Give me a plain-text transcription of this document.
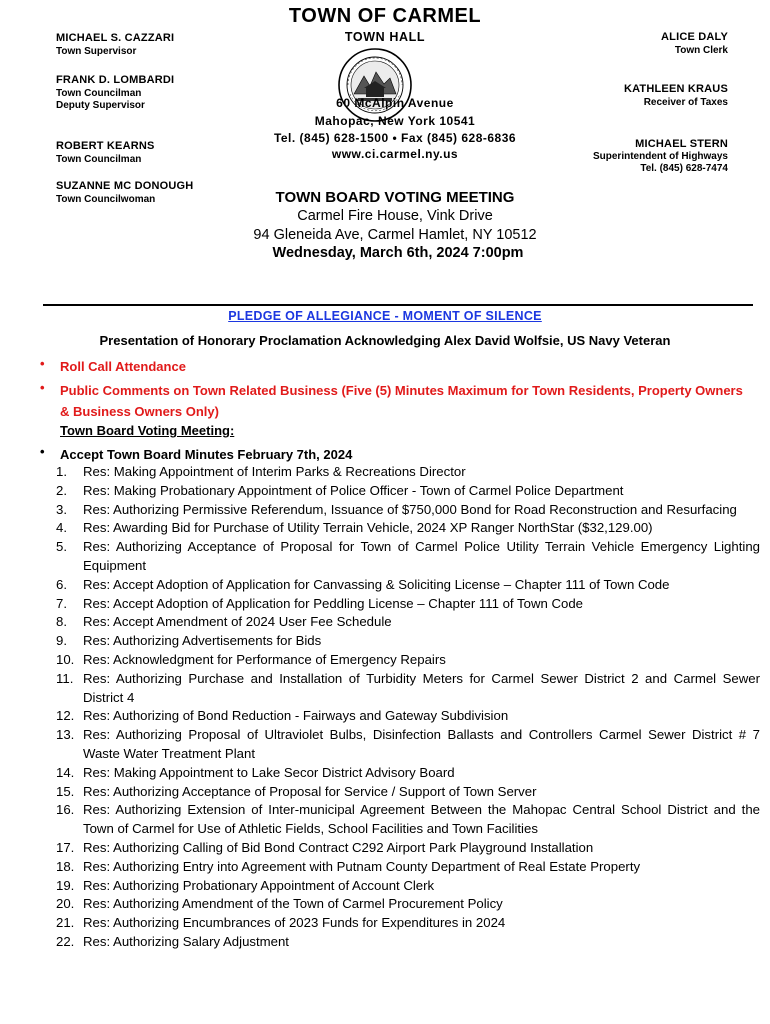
TOWN OF CARMEL
TOWN HALL
60 McAlpin Avenue
Mahopac, New York 10541
Tel. (845) 628-1500 • Fax (845) 628-6836
www.ci.carmel.ny.us
MICHAEL S. CAZZARI
Town Supervisor
FRANK D. LOMBARDI
Town Councilman
Deputy Supervisor
ROBERT KEARNS
Town Councilman
SUZANNE MC DONOUGH
Town Councilwoman
ALICE DALY
Town Clerk
KATHLEEN KRAUS
Receiver of Taxes
MICHAEL STERN
Superintendent of Highways
Tel. (845) 628-7474
TOWN BOARD VOTING MEETING
Carmel Fire House, Vink Drive
94 Gleneida Ave, Carmel Hamlet, NY 10512
Wednesday, March 6th, 2024 7:00pm
PLEDGE OF ALLEGIANCE - MOMENT OF SILENCE
Presentation of Honorary Proclamation Acknowledging Alex David Wolfsie, US Navy Veteran
• Roll Call Attendance
• Public Comments on Town Related Business (Five (5) Minutes Maximum for Town Residents, Property Owners & Business Owners Only)
Town Board Voting Meeting:
• Accept Town Board Minutes February 7th, 2024
1. Res: Making Appointment of Interim Parks & Recreations Director
2. Res: Making Probationary Appointment of Police Officer - Town of Carmel Police Department
3. Res: Authorizing Permissive Referendum, Issuance of $750,000 Bond for Road Reconstruction and Resurfacing
4. Res: Awarding Bid for Purchase of Utility Terrain Vehicle, 2024 XP Ranger NorthStar ($32,129.00)
5. Res: Authorizing Acceptance of Proposal for Town of Carmel Police Utility Terrain Vehicle Emergency Lighting Equipment
6. Res: Accept Adoption of Application for Canvassing & Soliciting License – Chapter 111 of Town Code
7. Res: Accept Adoption of Application for Peddling License – Chapter 111 of Town Code
8. Res: Accept Amendment of 2024 User Fee Schedule
9. Res: Authorizing Advertisements for Bids
10. Res: Acknowledgment for Performance of Emergency Repairs
11. Res: Authorizing Purchase and Installation of Turbidity Meters for Carmel Sewer District 2 and Carmel Sewer District 4
12. Res: Authorizing of Bond Reduction - Fairways and Gateway Subdivision
13. Res: Authorizing Proposal of Ultraviolet Bulbs, Disinfection Ballasts and Controllers Carmel Sewer District # 7 Waste Water Treatment Plant
14. Res: Making Appointment to Lake Secor District Advisory Board
15. Res: Authorizing Acceptance of Proposal for Service / Support of Town Server
16. Res: Authorizing Extension of Inter-municipal Agreement Between the Mahopac Central School District and the Town of Carmel for Use of Athletic Fields, School Facilities and Town Facilities
17. Res: Authorizing Calling of Bid Bond Contract C292 Airport Park Playground Installation
18. Res: Authorizing Entry into Agreement with Putnam County Department of Real Estate Property
19. Res: Authorizing Probationary Appointment of Account Clerk
20. Res: Authorizing Amendment of the Town of Carmel Procurement Policy
21. Res: Authorizing Encumbrances of 2023 Funds for Expenditures in 2024
22. Res: Authorizing Salary Adjustment
